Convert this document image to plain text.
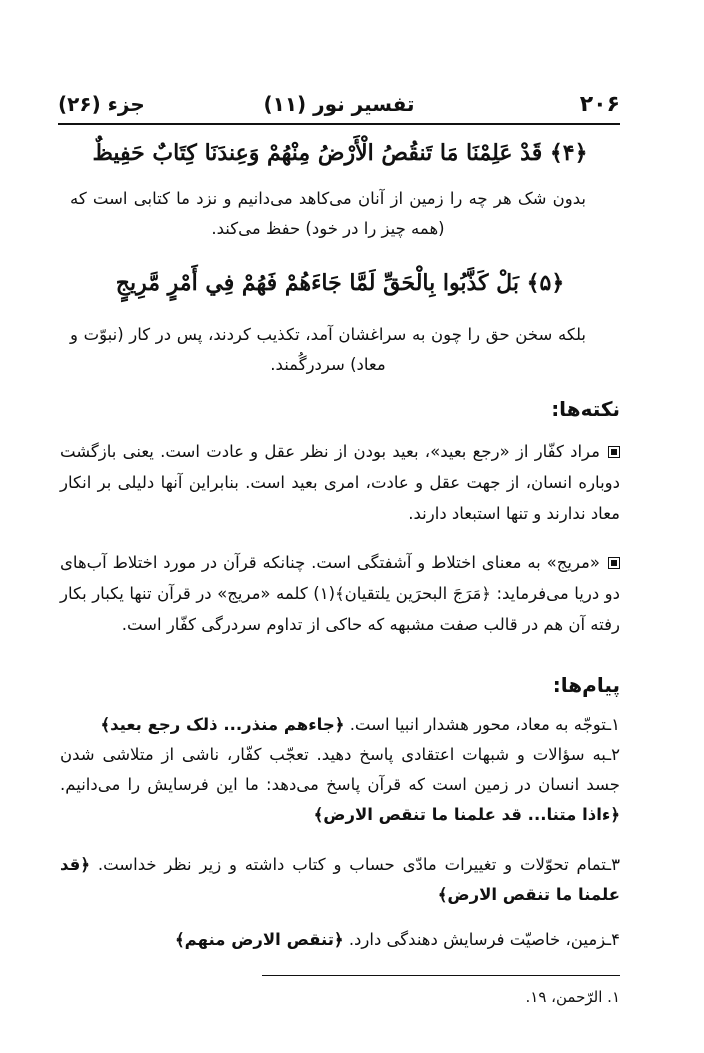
۲۰۶
تفسیر نور (۱۱)
جزء (۲۶)
﴿۴﴾ قَدْ عَلِمْنَا مَا تَنقُصُ الْأَرْضُ مِنْهُمْ وَعِندَنَا كِتَابٌ حَفِيظٌ
بدون شک هر چه را زمین از آنان می‌کاهد می‌دانیم و نزد ما کتابی است که (همه چیز را در خود) حفظ می‌کند.
﴿۵﴾ بَلْ كَذَّبُوا بِالْحَقِّ لَمَّا جَاءَهُمْ فَهُمْ فِي أَمْرٍ مَّرِيجٍ
بلکه سخن حق را چون به سراغشان آمد، تکذیب کردند، پس در کار (نبوّت و معاد) سردرگُمند.
نکته‌ها:
مراد کفّار از «رجع بعید»، بعید بودن از نظر عقل و عادت است. یعنی بازگشت دوباره انسان، از جهت عقل و عادت، امری بعید است. بنابراین آنها دلیلی بر انکار معاد ندارند و تنها استبعاد دارند.
«مریج» به معنای اختلاط و آشفتگی است. چنانکه قرآن در مورد اختلاط آب‌های دو دریا می‌فرماید: ﴿مَرَجَ البحرَین یلتقیان﴾(۱) کلمه «مریج» در قرآن تنها یکبار بکار رفته آن هم در قالب صفت مشبهه که حاکی از تداوم سردرگی کفّار است.
پیام‌ها:
۱ـتوجّه به معاد، محور هشدار انبیا است. ﴿جاءهم منذر... ذلک رجع بعید﴾
۲ـبه سؤالات و شبهات اعتقادی پاسخ دهید. تعجّب کفّار، ناشی از متلاشی شدن جسد انسان در زمین است که قرآن پاسخ می‌دهد: ما این فرسایش را می‌دانیم. ﴿ءاذا متنا... قد علمنا ما تنقص الارض﴾
۳ـتمام تحوّلات و تغییرات مادّی حساب و کتاب داشته و زیر نظر خداست. ﴿قد علمنا ما تنقص الارض﴾
۴ـزمین، خاصیّت فرسایش دهندگی دارد. ﴿تنقص الارض منهم﴾
۱. الرّحمن، ۱۹.
